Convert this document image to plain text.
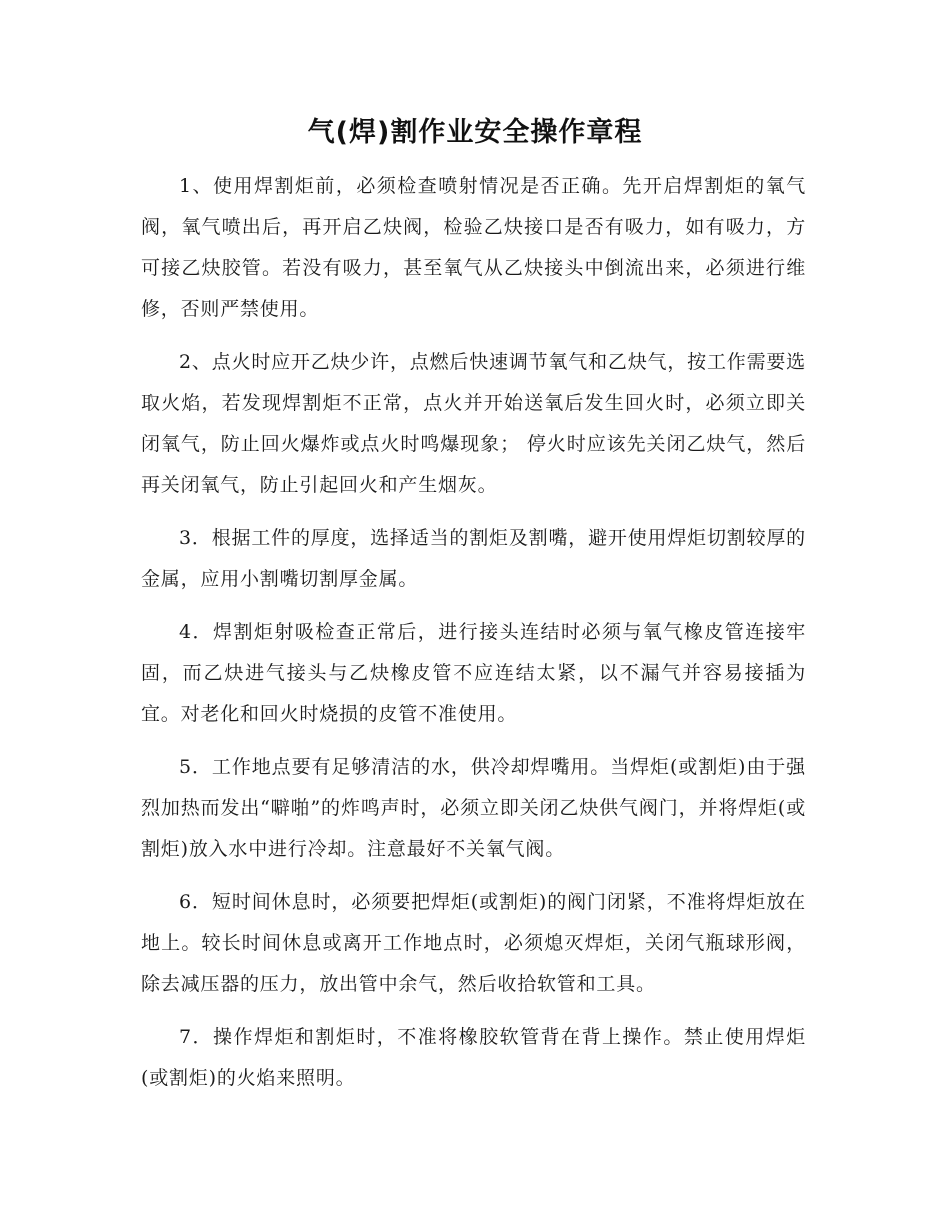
气(焊)割作业安全操作章程

1、使用焊割炬前，必须检查喷射情况是否正确。先开启焊割炬的氧气阀，氧气喷出后，再开启乙炔阀，检验乙炔接口是否有吸力，如有吸力，方可接乙炔胶管。若没有吸力，甚至氧气从乙炔接头中倒流出来，必须进行维修，否则严禁使用。

2、点火时应开乙炔少许，点燃后快速调节氧气和乙炔气，按工作需要选取火焰，若发现焊割炬不正常，点火并开始送氧后发生回火时，必须立即关闭氧气，防止回火爆炸或点火时鸣爆现象； 停火时应该先关闭乙炔气，然后再关闭氧气，防止引起回火和产生烟灰。

3．根据工件的厚度，选择适当的割炬及割嘴，避开使用焊炬切割较厚的金属，应用小割嘴切割厚金属。

4．焊割炬射吸检查正常后，进行接头连结时必须与氧气橡皮管连接牢固，而乙炔进气接头与乙炔橡皮管不应连结太紧，以不漏气并容易接插为宜。对老化和回火时烧损的皮管不准使用。

5．工作地点要有足够清洁的水，供冷却焊嘴用。当焊炬(或割炬)由于强烈加热而发出“噼啪”的炸鸣声时，必须立即关闭乙炔供气阀门，并将焊炬(或割炬)放入水中进行冷却。注意最好不关氧气阀。

6．短时间休息时，必须要把焊炬(或割炬)的阀门闭紧，不准将焊炬放在地上。较长时间休息或离开工作地点时，必须熄灭焊炬，关闭气瓶球形阀，除去减压器的压力，放出管中余气，然后收拾软管和工具。

7．操作焊炬和割炬时，不准将橡胶软管背在背上操作。禁止使用焊炬(或割炬)的火焰来照明。
